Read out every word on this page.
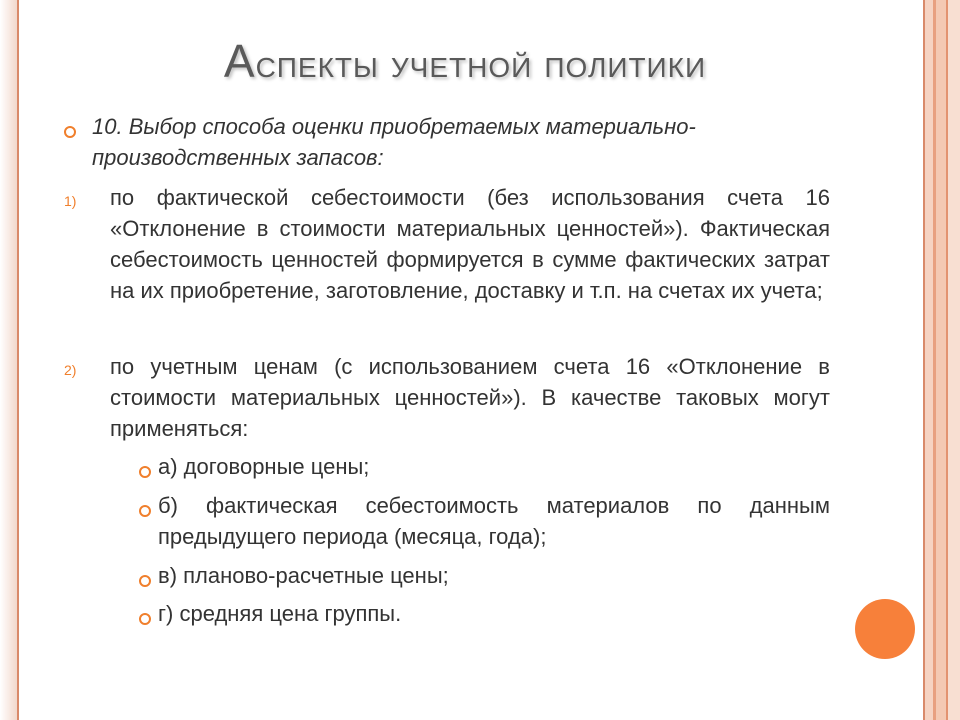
Аспекты учетной политики
10. Выбор способа оценки приобретаемых материально-производственных запасов:
1) по фактической себестоимости (без использования счета 16 «Отклонение в стоимости материальных ценностей»). Фактическая себестоимость ценностей формируется в сумме фактических затрат на их приобретение, заготовление, доставку и т.п. на счетах их учета;
2) по учетным ценам (с использованием счета 16 «Отклонение в стоимости материальных ценностей»). В качестве таковых могут применяться:
а) договорные цены;
б) фактическая себестоимость материалов по данным предыдущего периода (месяца, года);
в) планово-расчетные цены;
г) средняя цена группы.
